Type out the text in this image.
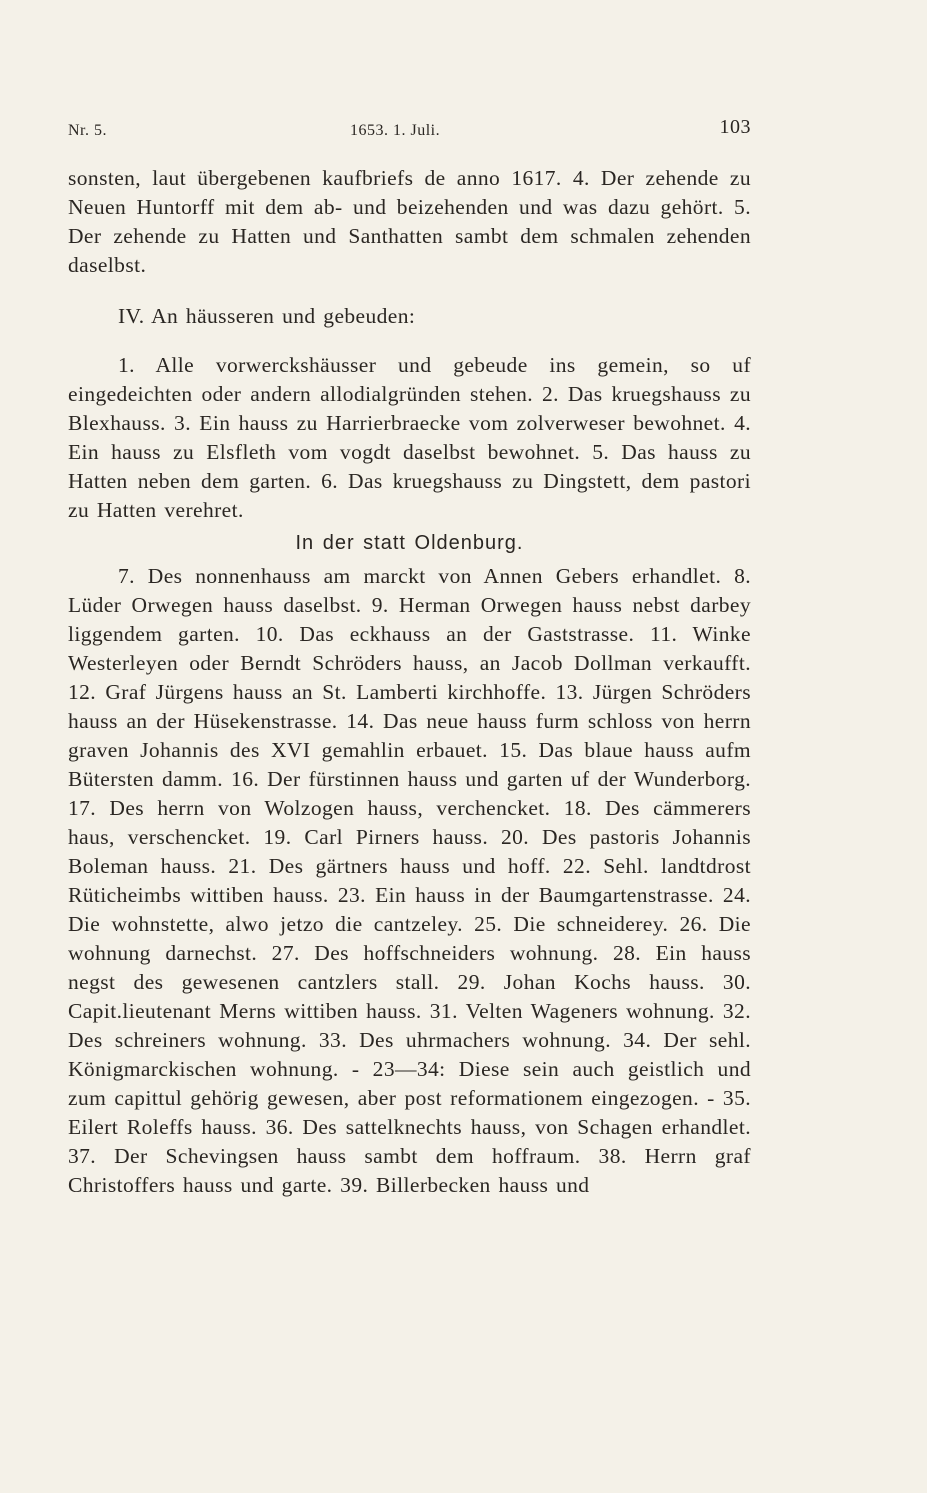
Nr. 5.	1653. 1. Juli.	103

sonsten, laut übergebenen kaufbriefs de anno 1617. 4. Der zehende zu Neuen Huntorff mit dem ab- und beizehenden und was dazu gehört. 5. Der zehende zu Hatten und Santhatten sambt dem schmalen zehenden daselbst.

IV. An häusseren und gebeuden:

1. Alle vorwerckshäusser und gebeude ins gemein, so uf eingedeichten oder andern allodialgründen stehen. 2. Das kruegshauss zu Blexhauss. 3. Ein hauss zu Harrierbraecke vom zolverweser bewohnet. 4. Ein hauss zu Elsfleth vom vogdt daselbst bewohnet. 5. Das hauss zu Hatten neben dem garten. 6. Das kruegshauss zu Dingstett, dem pastori zu Hatten verehret.

In der statt Oldenburg.

7. Des nonnenhauss am marckt von Annen Gebers erhandlet. 8. Lüder Orwegen hauss daselbst. 9. Herman Orwegen hauss nebst darbey liggendem garten. 10. Das eckhauss an der Gaststrasse. 11. Winke Westerleyen oder Berndt Schröders hauss, an Jacob Dollman verkaufft. 12. Graf Jürgens hauss an St. Lamberti kirchhoffe. 13. Jürgen Schröders hauss an der Hüsekenstrasse. 14. Das neue hauss furm schloss von herrn graven Johannis des XVI gemahlin erbauet. 15. Das blaue hauss aufm Bütersten damm. 16. Der fürstinnen hauss und garten uf der Wunderborg. 17. Des herrn von Wolzogen hauss, verchencket. 18. Des cämmerers haus, verschencket. 19. Carl Pirners hauss. 20. Des pastoris Johannis Boleman hauss. 21. Des gärtners hauss und hoff. 22. Sehl. landtdrost Rüticheimbs wittiben hauss. 23. Ein hauss in der Baumgartenstrasse. 24. Die wohnstette, alwo jetzo die cantzeley. 25. Die schneiderey. 26. Die wohnung darnechst. 27. Des hoffschneiders wohnung. 28. Ein hauss negst des gewesenen cantzlers stall. 29. Johan Kochs hauss. 30. Capit.lieutenant Merns wittiben hauss. 31. Velten Wageners wohnung. 32. Des schreiners wohnung. 33. Des uhrmachers wohnung. 34. Der sehl. Königmarckischen wohnung. - 23—34: Diese sein auch geistlich und zum capittul gehörig gewesen, aber post reformationem eingezogen. - 35. Eilert Roleffs hauss. 36. Des sattelknechts hauss, von Schagen erhandlet. 37. Der Schevingsen hauss sambt dem hoffraum. 38. Herrn graf Christoffers hauss und garte. 39. Billerbecken hauss und
